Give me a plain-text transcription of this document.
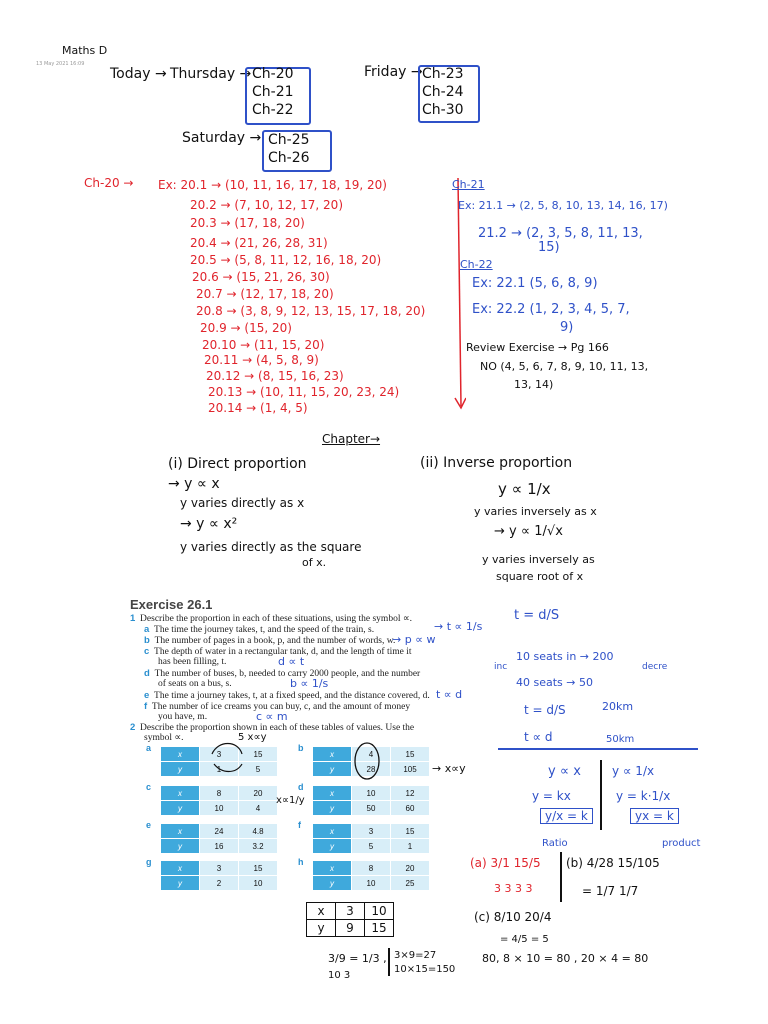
Maths D
13 May 2021 16:09
Today → Thursday → Ch-20
Ch-21
Ch-22
Friday → Ch-23
Ch-24
Ch-30
Saturday → Ch-25
Ch-26
Ch-20 → Ex: 20.1 → (10, 11, 16, 17, 18, 19, 20)
20.2 → (7, 10, 12, 17, 20)
20.3 → (17, 18, 20)
20.4 → (21, 26, 28, 31)
20.5 → (5, 8, 11, 12, 16, 18, 20)
20.6 → (15, 21, 26, 30)
20.7 → (12, 17, 18, 20)
20.8 → (3, 8, 9, 12, 13, 15, 17, 18, 20)
20.9 → (15, 20)
20.10 → (11, 15, 20)
20.11 → (4, 5, 8, 9)
20.12 → (8, 15, 16, 23)
20.13 → (10, 11, 15, 20, 23, 24)
20.14 → (1, 4, 5)
Ch-21
Ex: 21.1 → (2, 5, 8, 10, 13, 14, 16, 17)
21.2 → (2, 3, 5, 8, 11, 13,
15)
Ch-22
Ex: 22.1 (5, 6, 8, 9)
Ex: 22.2 (1, 2, 3, 4, 5, 7,
9)
Review Exercise → Pg 166
NO (4, 5, 6, 7, 8, 9, 10, 11, 13,
13, 14)
Chapter→
(i) Direct proportion
→ y ∝ x
y varies directly as x
→ y ∝ x²
y varies directly as the square
of x.
(ii) Inverse proportion
y ∝ 1/x
y varies inversely as x
→ y ∝ 1/√x
y varies inversely as
square root of x
Exercise 26.1
1 Describe the proportion in each of these situations, using the symbol ∝.
a The time the journey takes, t, and the speed of the train, s.
b The number of pages in a book, p, and the number of words, w.
c The depth of water in a rectangular tank, d, and the length of time it
has been filling, t.
d The number of buses, b, needed to carry 2000 people, and the number
of seats on a bus, s.
e The time a journey takes, t, at a fixed speed, and the distance covered, d.
f The number of ice creams you can buy, c, and the amount of money
you have, m.
2 Describe the proportion shown in each of these tables of values. Use the
symbol ∝.
a
x	3	15
y	1	5
b
x	4	15
y	28	105
c
x	8	20
y	10	4
d
x	10	12
y	50	60
e
x	24	4.8
y	16	3.2
f
x	3	15
y	5	1
g
x	3	15
y	2	10
h
x	8	20
y	10	25
→ t ∝ 1/s
→ p ∝ w
d ∝ t
b ∝ 1/s
t ∝ d
c ∝ m
5 x∝y
→ x∝y
x∝1/y
t = d/S
10 seats in → 200
40 seats → 50
inc	decre
t = d/S	20km
t ∝ d	50km
y ∝ x	y ∝ 1/x
y = kx	y = k·1/x
y/x = k	yx = k
Ratio	product
(a) 3/1 15/5
3 3 3 3
(b) 4/28 15/105
= 1/7 1/7
(c) 8/10 20/4
= 4/5 = 5
80, 8 × 10 = 80 , 20 × 4 = 80
x	3	10
y	9	15
3/9 = 1/3 ,
10 3
3×9=27
10×15=150
